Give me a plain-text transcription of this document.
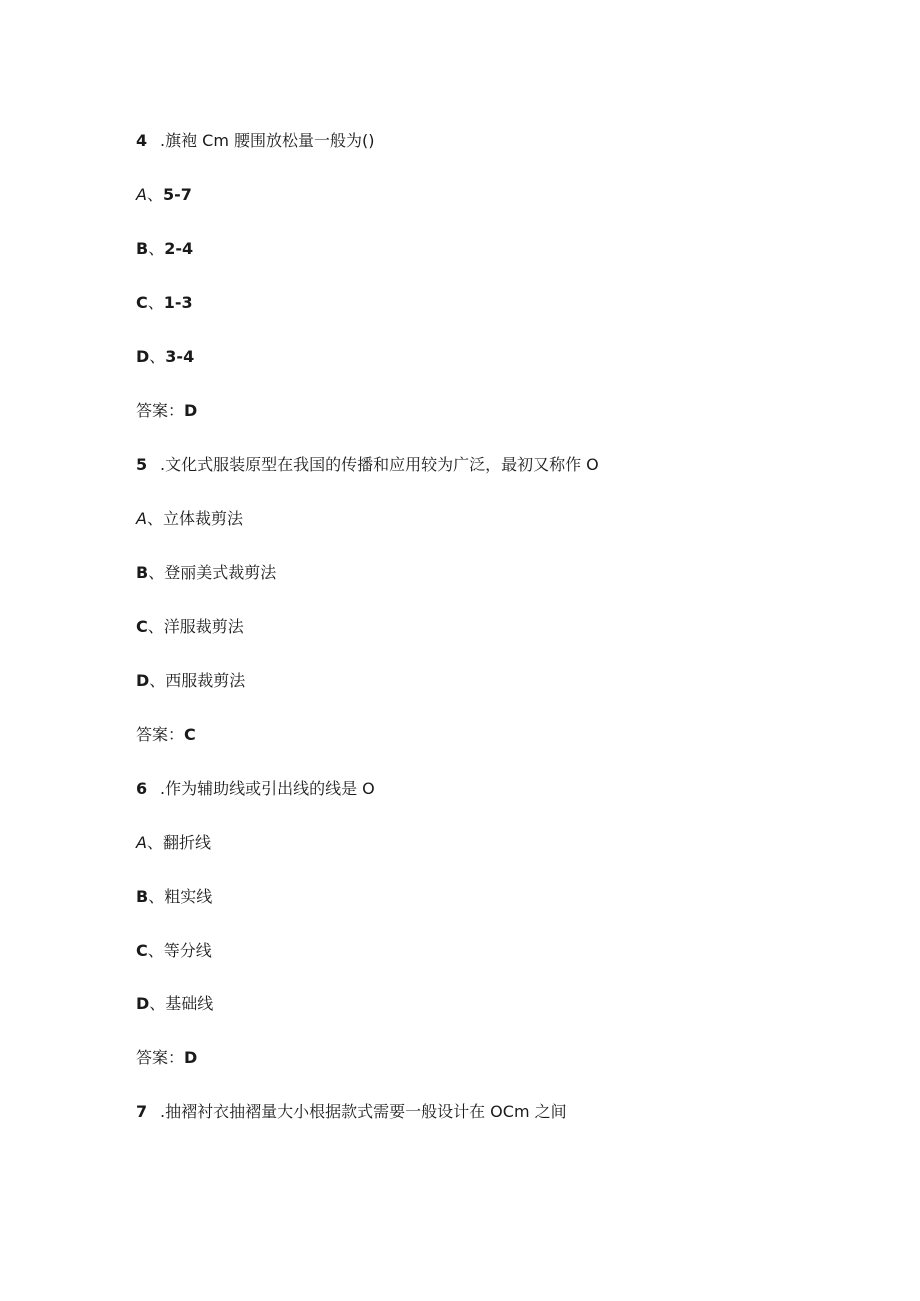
4 .旗袍 Cm 腰围放松量一般为()
A、5-7
B、2-4
C、1-3
D、3-4
答案：D
5 .文化式服装原型在我国的传播和应用较为广泛，最初又称作 O
A、立体裁剪法
B、登丽美式裁剪法
C、洋服裁剪法
D、西服裁剪法
答案：C
6 .作为辅助线或引出线的线是 O
A、翻折线
B、粗实线
C、等分线
D、基础线
答案：D
7 .抽褶衬衣抽褶量大小根据款式需要一般设计在 OCm 之间
